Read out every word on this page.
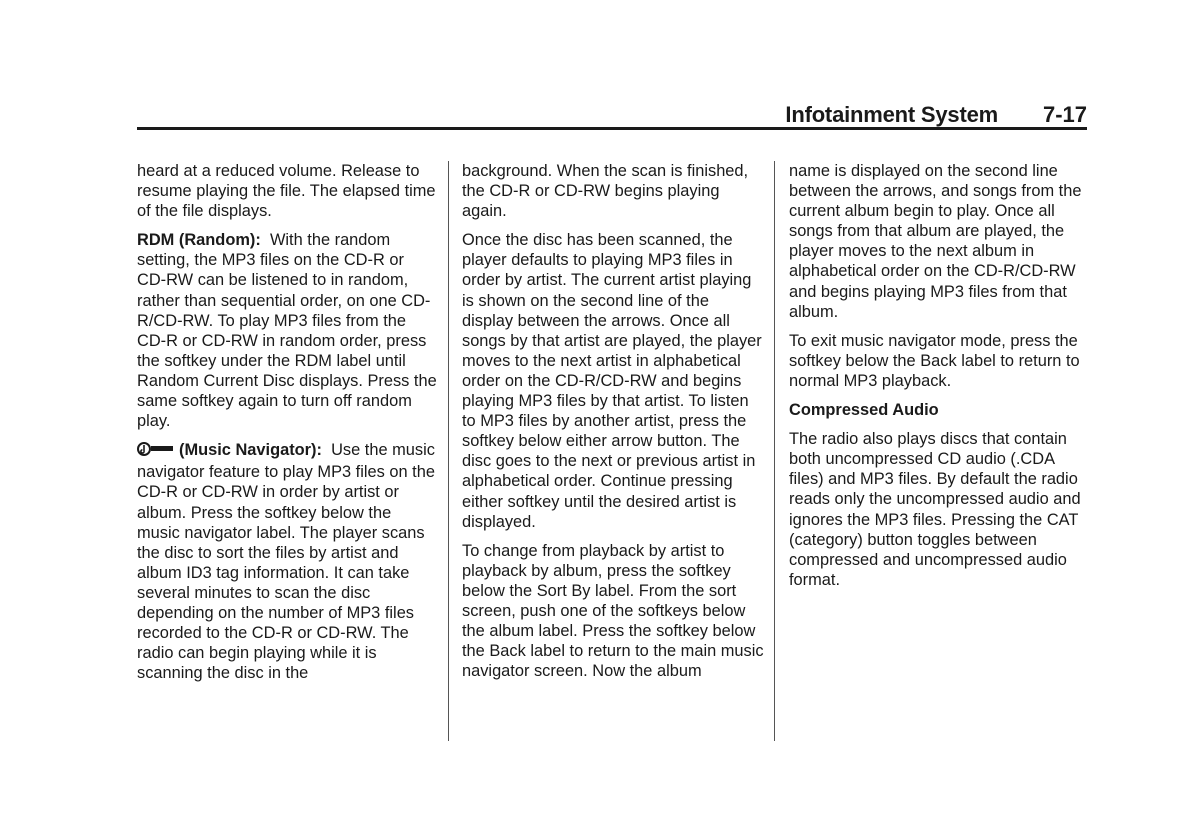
Infotainment System 7-17

heard at a reduced volume. Release to resume playing the file. The elapsed time of the file displays.

RDM (Random): With the random setting, the MP3 files on the CD-R or CD-RW can be listened to in random, rather than sequential order, on one CD-R/CD-RW. To play MP3 files from the CD-R or CD-RW in random order, press the softkey under the RDM label until Random Current Disc displays. Press the same softkey again to turn off random play.

(Music Navigator): Use the music navigator feature to play MP3 files on the CD-R or CD-RW in order by artist or album. Press the softkey below the music navigator label. The player scans the disc to sort the files by artist and album ID3 tag information. It can take several minutes to scan the disc depending on the number of MP3 files recorded to the CD-R or CD-RW. The radio can begin playing while it is scanning the disc in the

background. When the scan is finished, the CD-R or CD-RW begins playing again.

Once the disc has been scanned, the player defaults to playing MP3 files in order by artist. The current artist playing is shown on the second line of the display between the arrows. Once all songs by that artist are played, the player moves to the next artist in alphabetical order on the CD-R/CD-RW and begins playing MP3 files by that artist. To listen to MP3 files by another artist, press the softkey below either arrow button. The disc goes to the next or previous artist in alphabetical order. Continue pressing either softkey until the desired artist is displayed.

To change from playback by artist to playback by album, press the softkey below the Sort By label. From the sort screen, push one of the softkeys below the album label. Press the softkey below the Back label to return to the main music navigator screen. Now the album

name is displayed on the second line between the arrows, and songs from the current album begin to play. Once all songs from that album are played, the player moves to the next album in alphabetical order on the CD-R/CD-RW and begins playing MP3 files from that album.

To exit music navigator mode, press the softkey below the Back label to return to normal MP3 playback.

Compressed Audio

The radio also plays discs that contain both uncompressed CD audio (.CDA files) and MP3 files. By default the radio reads only the uncompressed audio and ignores the MP3 files. Pressing the CAT (category) button toggles between compressed and uncompressed audio format.
